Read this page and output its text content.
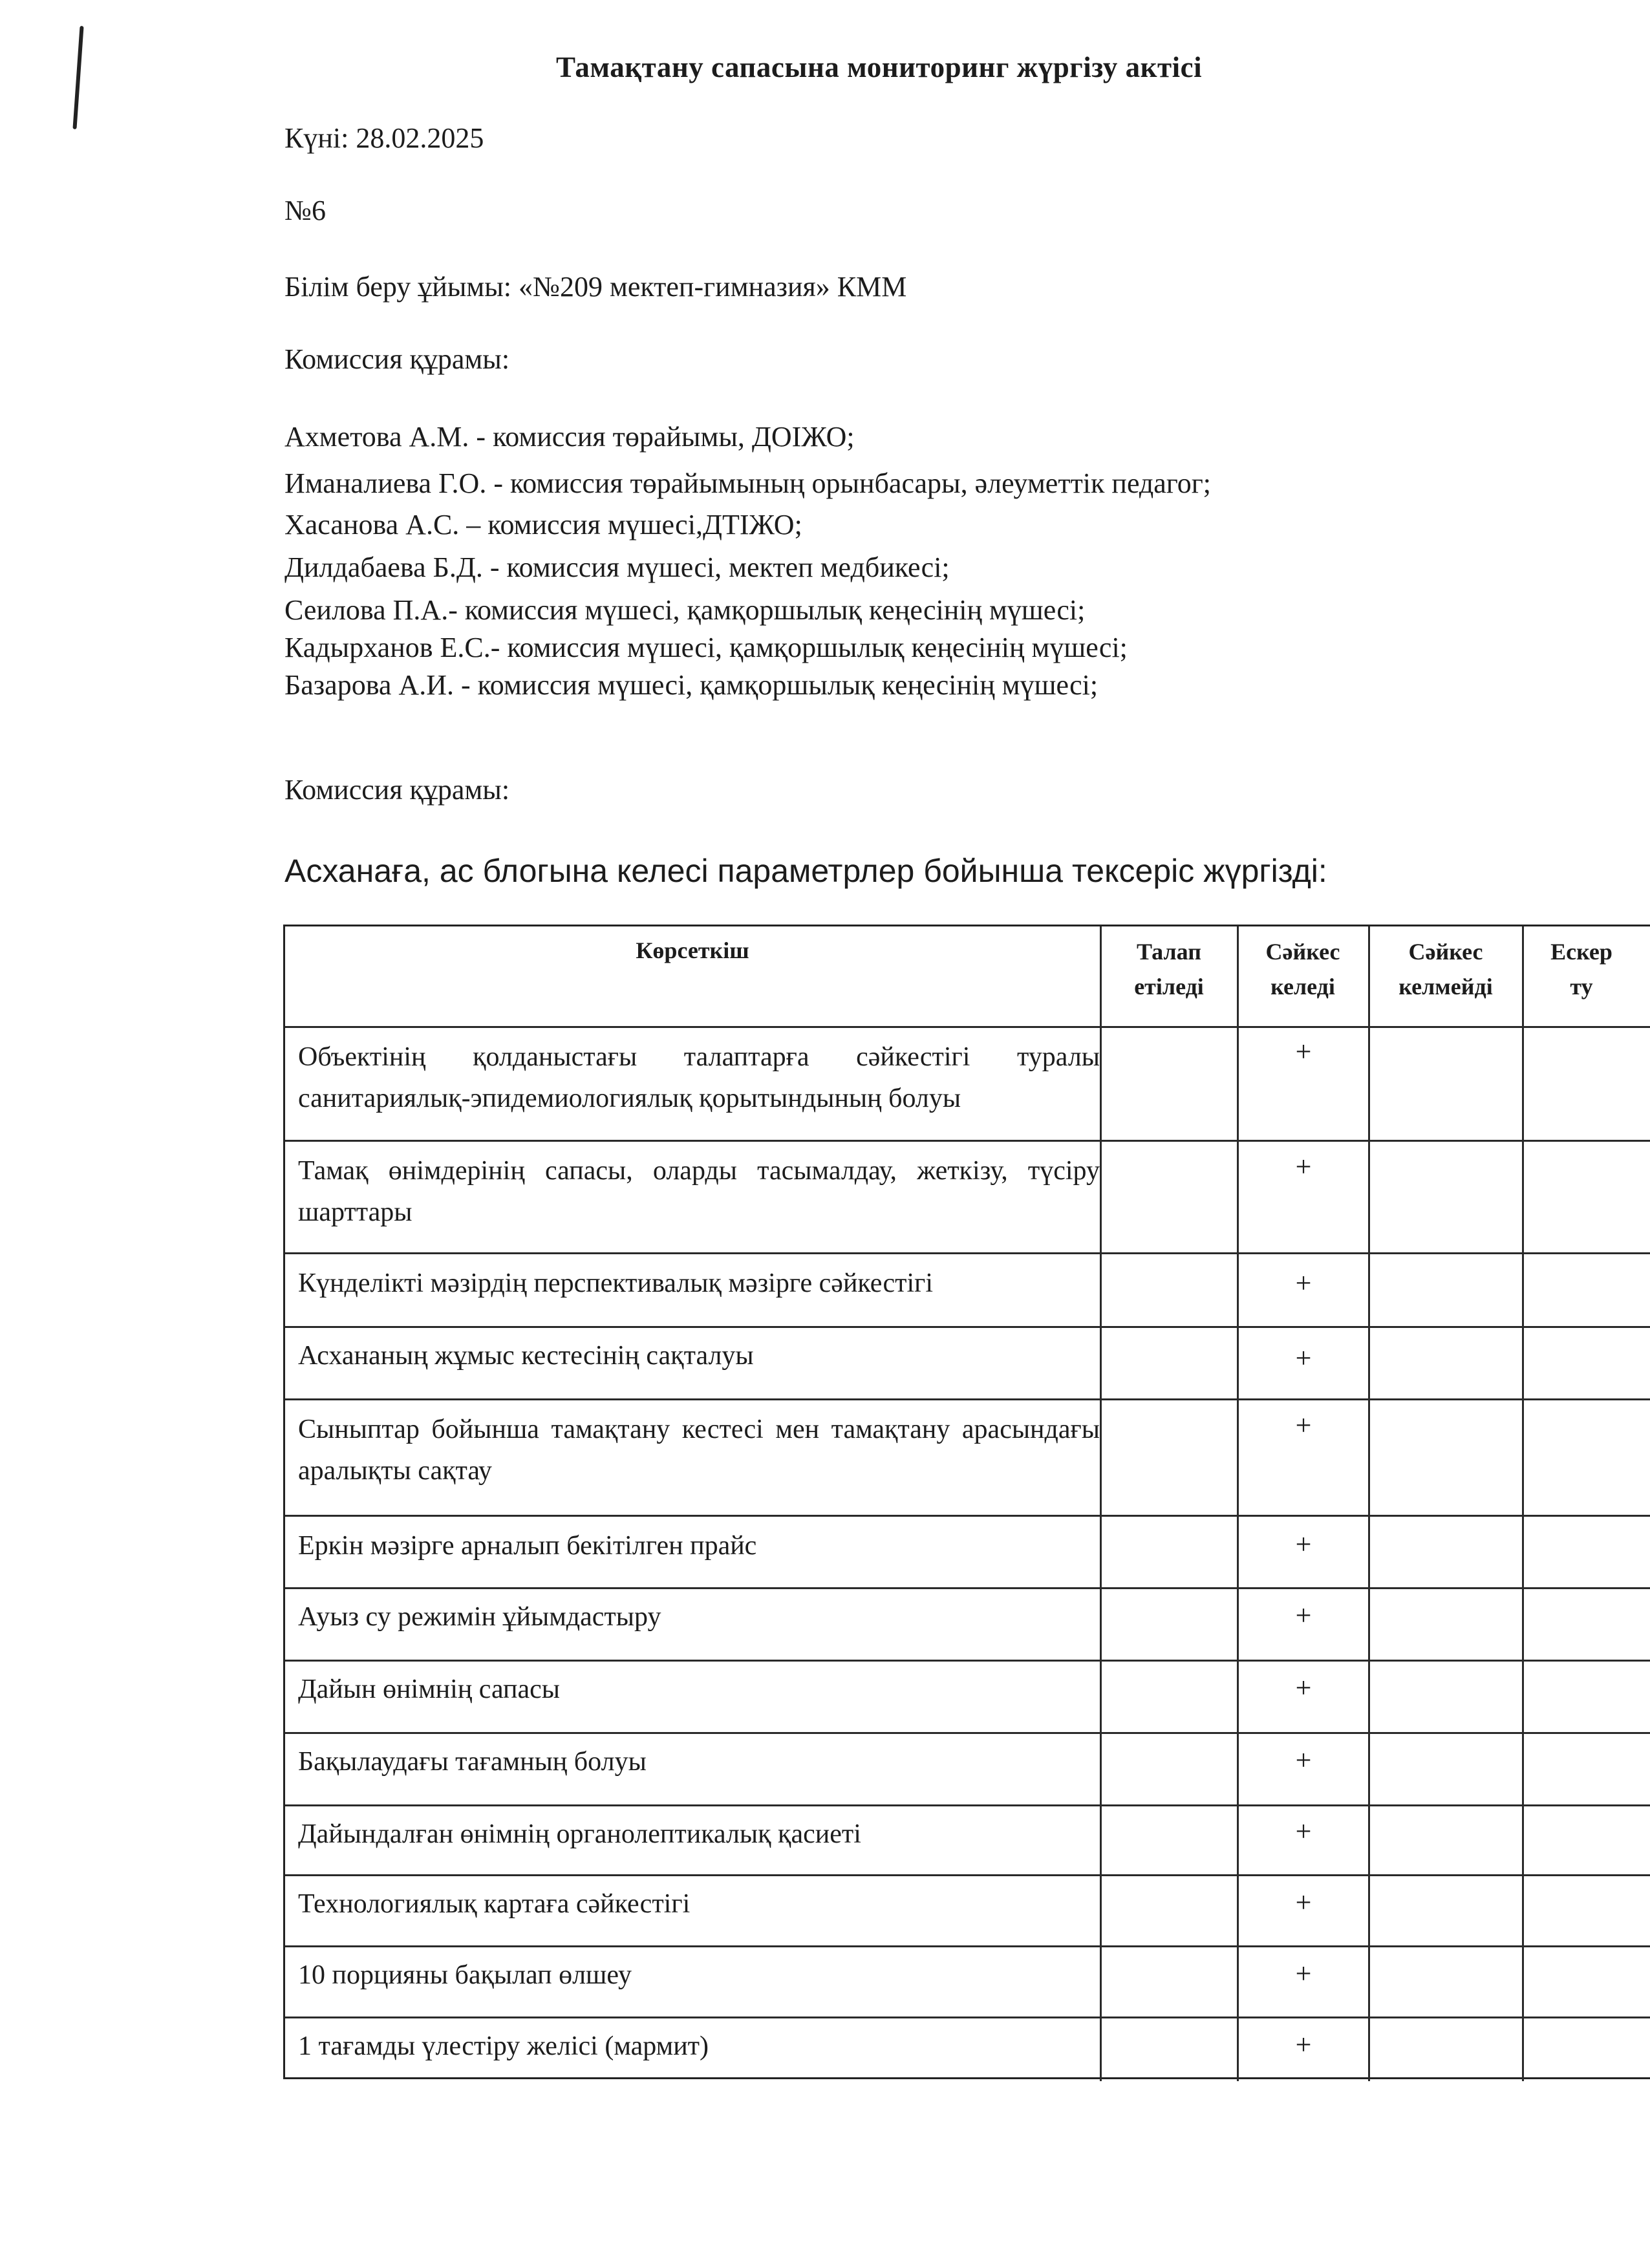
Тамақтану сапасына мониторинг жүргізу актісі
Күні: 28.02.2025
№6
Білім беру ұйымы: «№209 мектеп-гимназия» КММ
Комиссия құрамы:
Ахметова А.М. - комиссия төрайымы, ДОІЖО;
Иманалиева Г.О. - комиссия төрайымының орынбасары, әлеуметтік педагог;
Хасанова А.С. – комиссия мүшесі,ДТІЖО;
Дилдабаева Б.Д. - комиссия мүшесі, мектеп медбикесі;
Сеилова П.А.- комиссия мүшесі, қамқоршылық кеңесінің мүшесі;
Кадырханов Е.С.- комиссия мүшесі, қамқоршылық кеңесінің мүшесі;
Базарова А.И. - комиссия мүшесі, қамқоршылық кеңесінің мүшесі;
Комиссия құрамы:
Асханаға, ас блогына келесі параметрлер бойынша тексеріс жүргізді:
Көрсеткіш	Талап
етіледі
Сәйкес
келеді
Сәйкес
келмейді
Ескер
ту
Объектінің қолданыстағы талаптарға сәйкестігі туралы санитариялық-эпидемиологиялық қорытындының болуы
Тамақ өнімдерінің сапасы, оларды тасымалдау, жеткізу, түсіру шарттары
Күнделікті мәзірдің перспективалық мәзірге сәйкестігі
Асхананың жұмыс кестесінің сақталуы
Сыныптар бойынша тамақтану кестесі мен тамақтану арасындағы аралықты сақтау
Еркін мәзірге арналып бекітілген прайс
Ауыз су режимін ұйымдастыру
Дайын өнімнің сапасы
Бақылаудағы тағамның болуы
Дайындалған өнімнің органолептикалық қасиеті
Технологиялық картаға сәйкестігі
10 порцияны бақылап өлшеу
1 тағамды үлестіру желісі (мармит)
+
+
+
+
+
+
+
+
+
+
+
+
+
